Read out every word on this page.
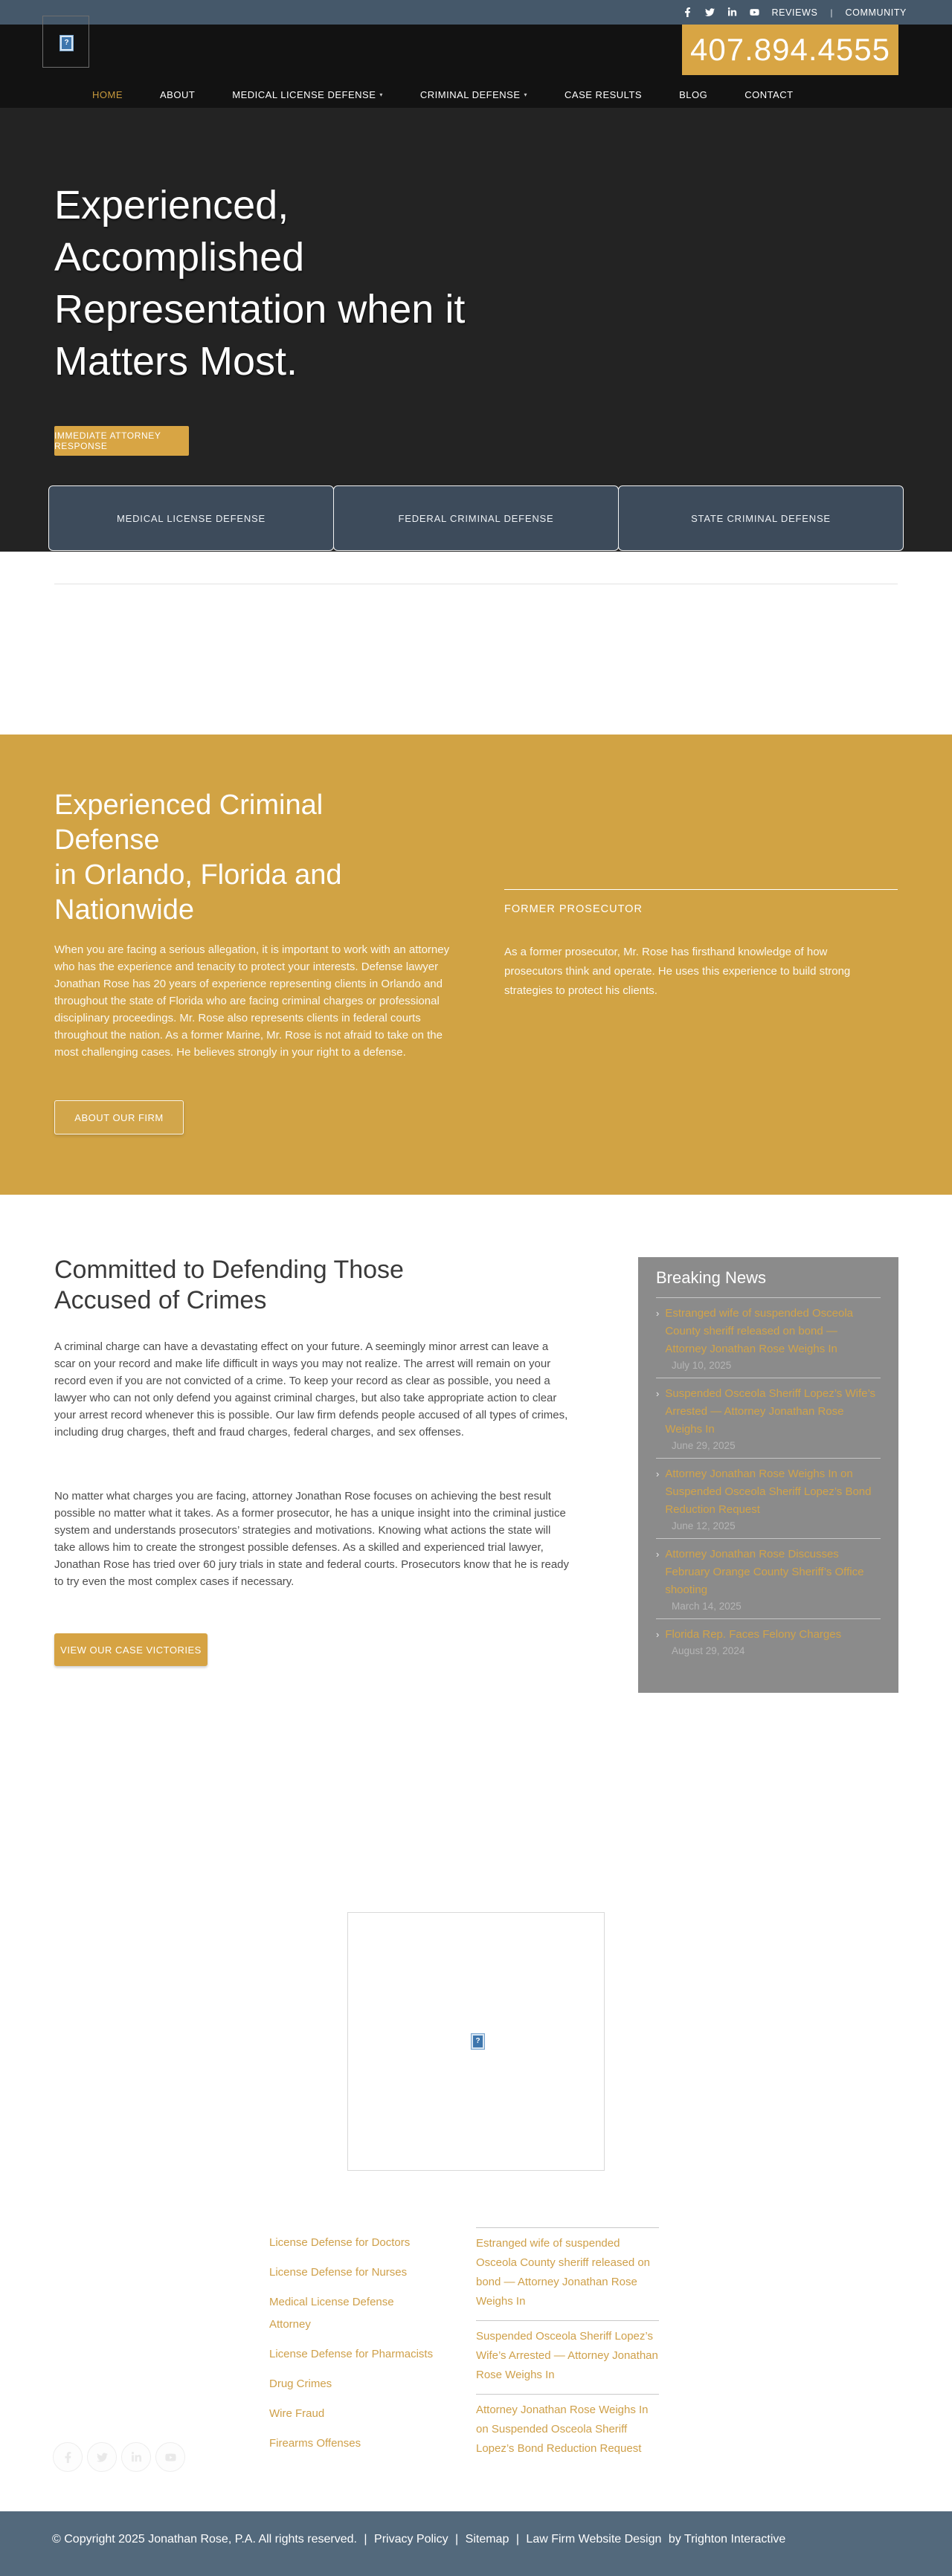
REVIEWS | COMMUNITY
?	407.894.4555
HOME	ABOUT	MEDICAL LICENSE DEFENSE ▾	CRIMINAL DEFENSE ▾	CASE RESULTS	BLOG	CONTACT
Experienced,
Accomplished
Representation when it
Matters Most.
IMMEDIATE ATTORNEY RESPONSE
MEDICAL LICENSE DEFENSE	FEDERAL CRIMINAL DEFENSE	STATE CRIMINAL DEFENSE
Experienced Criminal
Defense
in Orlando, Florida and
Nationwide
When you are facing a serious allegation, it is important to work with an attorney who has the experience and tenacity to protect your interests. Defense lawyer Jonathan Rose has 20 years of experience representing clients in Orlando and throughout the state of Florida who are facing criminal charges or professional disciplinary proceedings. Mr. Rose also represents clients in federal courts throughout the nation. As a former Marine, Mr. Rose is not afraid to take on the most challenging cases. He believes strongly in your right to a defense.
ABOUT OUR FIRM
FORMER PROSECUTOR
As a former prosecutor, Mr. Rose has firsthand knowledge of how prosecutors think and operate. He uses this experience to build strong strategies to protect his clients.
Committed to Defending Those
Accused of Crimes
A criminal charge can have a devastating effect on your future. A seemingly minor arrest can leave a scar on your record and make life difficult in ways you may not realize. The arrest will remain on your record even if you are not convicted of a crime. To keep your record as clear as possible, you need a lawyer who can not only defend you against criminal charges, but also take appropriate action to clear your arrest record whenever this is possible. Our law firm defends people accused of all types of crimes, including drug charges, theft and fraud charges, federal charges, and sex offenses.
No matter what charges you are facing, attorney Jonathan Rose focuses on achieving the best result possible no matter what it takes. As a former prosecutor, he has a unique insight into the criminal justice system and understands prosecutors’ strategies and motivations. Knowing what actions the state will take allows him to create the strongest possible defenses. As a skilled and experienced trial lawyer, Jonathan Rose has tried over 60 jury trials in state and federal courts. Prosecutors know that he is ready to try even the most complex cases if necessary.
VIEW OUR CASE VICTORIES
Breaking News
› Estranged wife of suspended Osceola County sheriff released on bond — Attorney Jonathan Rose Weighs In
July 10, 2025
› Suspended Osceola Sheriff Lopez’s Wife’s Arrested — Attorney Jonathan Rose Weighs In
June 29, 2025
› Attorney Jonathan Rose Weighs In on Suspended Osceola Sheriff Lopez’s Bond Reduction Request
June 12, 2025
› Attorney Jonathan Rose Discusses February Orange County Sheriff’s Office shooting
March 14, 2025
› Florida Rep. Faces Felony Charges
August 29, 2024
?
License Defense for Doctors
License Defense for Nurses
Medical License Defense Attorney
License Defense for Pharmacists
Drug Crimes
Wire Fraud
Firearms Offenses
Estranged wife of suspended Osceola County sheriff released on bond — Attorney Jonathan Rose Weighs In
Suspended Osceola Sheriff Lopez’s Wife’s Arrested — Attorney Jonathan Rose Weighs In
Attorney Jonathan Rose Weighs In on Suspended Osceola Sheriff Lopez’s Bond Reduction Request
© Copyright 2025 Jonathan Rose, P.A. All rights reserved. | Privacy Policy | Sitemap | Law Firm Website Design by Trighton Interactive
